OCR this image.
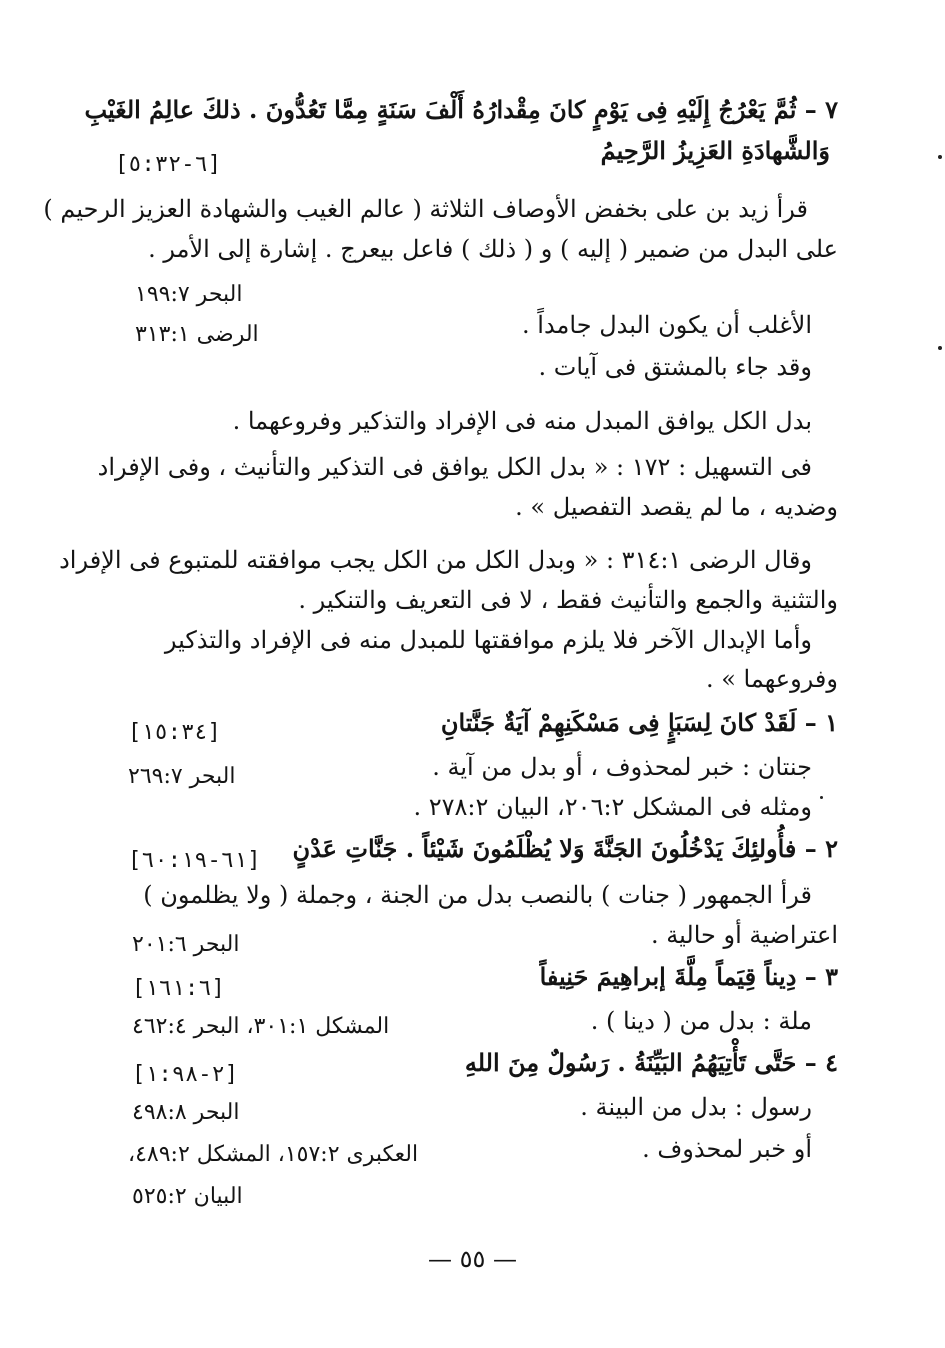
٧ – ثُمَّ يَعْرُجُ إِلَيْهِ فِى يَوْمٍ كانَ مِقْدارُهُ أَلْفَ سَنَةٍ مِمَّا تَعُدُّونَ . ذلكَ عالِمُ الغَيْبِ

وَالشَّهادَةِ العَزِيزُ الرَّحِيمُ

[٦-٥:٣٢]

قرأ زيد بن على بخفض الأوصاف الثلاثة ( عالم الغيب والشهادة العزيز الرحيم )

على البدل من ضمير ( إليه ) و ( ذلك ) فاعل بيعرج . إشارة إلى الأمر .

البحر ١٩٩:٧

الأغلب أن يكون البدل جامداً .

الرضى ٣١٣:١

وقد جاء بالمشتق فى آيات .

بدل الكل يوافق المبدل منه فى الإفراد والتذكير وفروعهما .

فى التسهيل : ١٧٢ : « بدل الكل يوافق فى التذكير والتأنيث ، وفى الإفراد

وضديه ، ما لم يقصد التفصيل » .

وقال الرضى ٣١٤:١ : « وبدل الكل من الكل يجب موافقته للمتبوع فى الإفراد

والتثنية والجمع والتأنيث فقط ، لا فى التعريف والتنكير .

وأما الإبدال الآخر فلا يلزم موافقتها للمبدل منه فى الإفراد والتذكير

وفروعهما » .

١ – لَقَدْ كانَ لِسَبَإٍ فِى مَسْكَنِهِمْ آيَةٌ جَنَّتانِ

[١٥:٣٤]

جنتان : خبر لمحذوف ، أو بدل من آية .

البحر ٢٦٩:٧

ومثله فى المشكل ٢٠٦:٢، البيان ٢٧٨:٢ .

٢ – فأُولئِكَ يَدْخُلُونَ الجَنَّةَ وَلا يُظْلَمُونَ شَيْئاً . جَنَّاتِ عَدْنٍ

[٦١-٦٠:١٩]

قرأ الجمهور ( جنات ) بالنصب بدل من الجنة ، وجملة ( ولا يظلمون )

اعتراضية أو حالية .

البحر ٢٠١:٦

٣ – دِيناً قِيَماً مِلَّةَ إبراهِيمَ حَنِيفاً

[١٦١:٦]

ملة : بدل من ( دينا ) .

المشكل ٣٠١:١، البحر ٤٦٢:٤

٤ – حَتَّى تَأْتِيَهُمُ البَيِّنَةُ . رَسُولٌ مِنَ اللهِ

[٢-١:٩٨]

رسول : بدل من البينة .

البحر ٤٩٨:٨

أو خبر لمحذوف .

العكبرى ١٥٧:٢، المشكل ٤٨٩:٢،

البيان ٥٢٥:٢

— ٥٥ —
